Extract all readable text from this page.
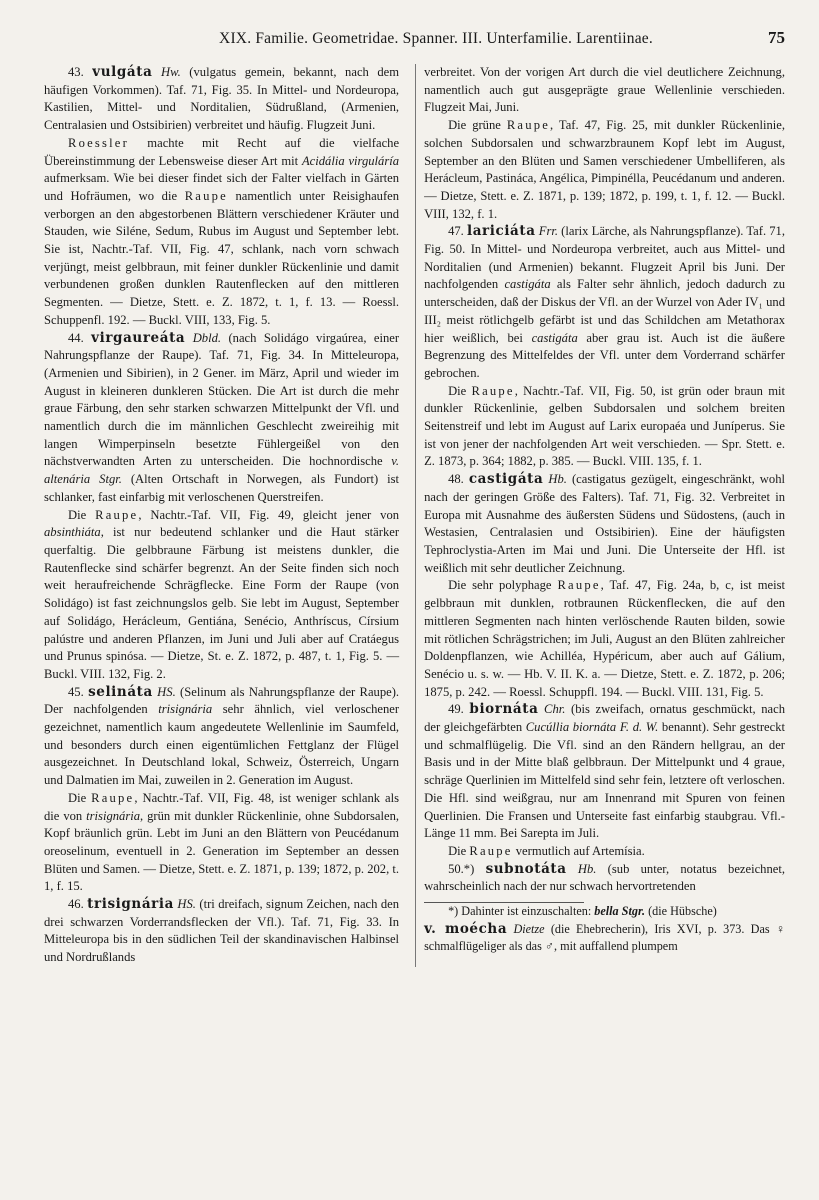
XIX. Familie. Geometridae. Spanner. III. Unterfamilie. Larentiinae.	75

43. vulgáta Hw. (vulgatus gemein, bekannt, nach dem häufigen Vorkommen). Taf. 71, Fig. 35. In Mittel- und Nordeuropa, Kastilien, Mittel- und Norditalien, Südrußland, (Armenien, Centralasien und Ostsibirien) verbreitet und häufig. Flugzeit Juni.

Roessler machte mit Recht auf die vielfache Übereinstimmung der Lebensweise dieser Art mit Acidália virguláría aufmerksam. Wie bei dieser findet sich der Falter vielfach in Gärten und Hofräumen, wo die Raupe namentlich unter Reisighaufen verborgen an den abgestorbenen Blättern verschiedener Kräuter und Stauden, wie Siléne, Sedum, Rubus im August und September lebt. Sie ist, Nachtr.-Taf. VII, Fig. 47, schlank, nach vorn schwach verjüngt, meist gelbbraun, mit feiner dunkler Rückenlinie und damit verbundenen großen dunklen Rautenflecken auf den mittleren Segmenten. — Dietze, Stett. e. Z. 1872, t. 1, f. 13. — Roessl. Schuppenfl. 192. — Buckl. VIII, 133, Fig. 5.

44. virgaureáta Dbld. (nach Solidágo virgaúrea, einer Nahrungspflanze der Raupe). Taf. 71, Fig. 34. In Mitteleuropa, (Armenien und Sibirien), in 2 Gener. im März, April und wieder im August in kleineren dunkleren Stücken. Die Art ist durch die mehr graue Färbung, den sehr starken schwarzen Mittelpunkt der Vfl. und namentlich durch die im männlichen Geschlecht zweireihig mit langen Wimperpinseln besetzte Fühlergeißel von den nächstverwandten Arten zu unterscheiden. Die hochnordische v. altenária Stgr. (Alten Ortschaft in Norwegen, als Fundort) ist schlanker, fast einfarbig mit verloschenen Querstreifen.

Die Raupe, Nachtr.-Taf. VII, Fig. 49, gleicht jener von absinthiáta, ist nur bedeutend schlanker und die Haut stärker querfaltig. Die gelbbraune Färbung ist meistens dunkler, die Rautenflecke sind schärfer begrenzt. An der Seite finden sich noch weit heraufreichende Schrägflecke. Eine Form der Raupe (von Solidágo) ist fast zeichnungslos gelb. Sie lebt im August, September auf Solidágo, Herácleum, Gentiána, Senécio, Anthríscus, Círsium palústre und anderen Pflanzen, im Juni und Juli aber auf Cratáegus und Prunus spinósa. — Dietze, St. e. Z. 1872, p. 487, t. 1, Fig. 5. — Buckl. VIII. 132, Fig. 2.

45. selináta HS. (Selinum als Nahrungspflanze der Raupe). Der nachfolgenden trisignária sehr ähnlich, viel verloschener gezeichnet, namentlich kaum angedeutete Wellenlinie im Saumfeld, und besonders durch einen eigentümlichen Fettglanz der Flügel ausgezeichnet. In Deutschland lokal, Schweiz, Österreich, Ungarn und Dalmatien im Mai, zuweilen in 2. Generation im August.

Die Raupe, Nachtr.-Taf. VII, Fig. 48, ist weniger schlank als die von trisignária, grün mit dunkler Rückenlinie, ohne Subdorsalen, Kopf bräunlich grün. Lebt im Juni an den Blättern von Peucédanum oreoselinum, eventuell in 2. Generation im September an dessen Blüten und Samen. — Dietze, Stett. e. Z. 1871, p. 139; 1872, p. 202, t. 1, f. 15.

46. trisignária HS. (tri dreifach, signum Zeichen, nach den drei schwarzen Vorderrandsflecken der Vfl.). Taf. 71, Fig. 33. In Mitteleuropa bis in den südlichen Teil der skandinavischen Halbinsel und Nordrußlands

verbreitet. Von der vorigen Art durch die viel deutlichere Zeichnung, namentlich auch gut ausgeprägte graue Wellenlinie verschieden. Flugzeit Mai, Juni.

Die grüne Raupe, Taf. 47, Fig. 25, mit dunkler Rückenlinie, solchen Subdorsalen und schwarzbraunem Kopf lebt im August, September an den Blüten und Samen verschiedener Umbelliferen, als Herácleum, Pastináca, Angélica, Pimpinélla, Peucédanum und anderen. — Dietze, Stett. e. Z. 1871, p. 139; 1872, p. 199, t. 1, f. 12. — Buckl. VIII, 132, f. 1.

47. lariciáta Frr. (larix Lärche, als Nahrungspflanze). Taf. 71, Fig. 50. In Mittel- und Nordeuropa verbreitet, auch aus Mittel- und Norditalien (und Armenien) bekannt. Flugzeit April bis Juni. Der nachfolgenden castigáta als Falter sehr ähnlich, jedoch dadurch zu unterscheiden, daß der Diskus der Vfl. an der Wurzel von Ader IV₁ und III₂ meist rötlichgelb gefärbt ist und das Schildchen am Metathorax hier weißlich, bei castigáta aber grau ist. Auch ist die äußere Begrenzung des Mittelfeldes der Vfl. unter dem Vorderrand schärfer gebrochen.

Die Raupe, Nachtr.-Taf. VII, Fig. 50, ist grün oder braun mit dunkler Rückenlinie, gelben Subdorsalen und solchem breiten Seitenstreif und lebt im August auf Larix europaéa und Juníperus. Sie ist von jener der nachfolgenden Art weit verschieden. — Spr. Stett. e. Z. 1873, p. 364; 1882, p. 385. — Buckl. VIII. 135, f. 1.

48. castigáta Hb. (castigatus gezügelt, eingeschränkt, wohl nach der geringen Größe des Falters). Taf. 71, Fig. 32. Verbreitet in Europa mit Ausnahme des äußersten Südens und Südostens, (auch in Westasien, Centralasien und Ostsibirien). Eine der häufigsten Tephroclystia-Arten im Mai und Juni. Die Unterseite der Hfl. ist weißlich mit sehr deutlicher Zeichnung.

Die sehr polyphage Raupe, Taf. 47, Fig. 24a, b, c, ist meist gelbbraun mit dunklen, rotbraunen Rückenflecken, die auf den mittleren Segmenten nach hinten verlöschende Rauten bilden, sowie mit rötlichen Schrägstrichen; im Juli, August an den Blüten zahlreicher Doldenpflanzen, wie Achilléa, Hypéricum, aber auch auf Gálium, Senécio u. s. w. — Hb. V. II. K. a. — Dietze, Stett. e. Z. 1872, p. 206; 1875, p. 242. — Roessl. Schuppfl. 194. — Buckl. VIII. 131, Fig. 5.

49. biornáta Chr. (bis zweifach, ornatus geschmückt, nach der gleichgefärbten Cucúllia biornáta F. d. W. benannt). Sehr gestreckt und schmalflügelig. Die Vfl. sind an den Rändern hellgrau, an der Basis und in der Mitte blaß gelbbraun. Der Mittelpunkt und 4 graue, schräge Querlinien im Mittelfeld sind sehr fein, letztere oft verloschen. Die Hfl. sind weißgrau, nur am Innenrand mit Spuren von feinen Querlinien. Die Fransen und Unterseite fast einfarbig staubgrau. Vfl.-Länge 11 mm. Bei Sarepta im Juli.

Die Raupe vermutlich auf Artemísia.

50.*) subnotáta Hb. (sub unter, notatus bezeichnet, wahrscheinlich nach der nur schwach hervortretenden

*) Dahinter ist einzuschalten: bella Stgr. (die Hübsche)

v. moécha Dietze (die Ehebrecherin), Iris XVI, p. 373. Das ♀ schmalflügeliger als das ♂, mit auffallend plumpem
